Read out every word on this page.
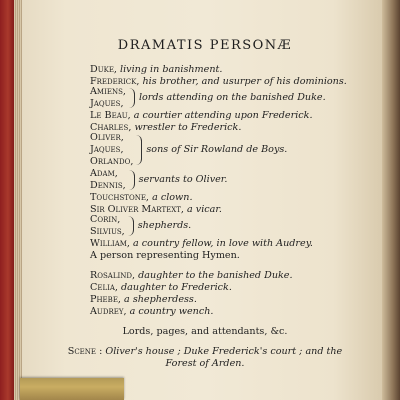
DRAMATIS PERSONÆ
Duke, living in banishment.
Frederick, his brother, and usurper of his dominions.
Amiens,
Jaques,
lords attending on the banished Duke.
Le Beau, a courtier attending upon Frederick.
Charles, wrestler to Frederick.
Oliver,
Jaques,
Orlando,
sons of Sir Rowland de Boys.
Adam,
Dennis,
servants to Oliver.
Touchstone, a clown.
Sir Oliver Martext, a vicar.
Corin,
Silvius,
shepherds.
William, a country fellow, in love with Audrey.
A person representing Hymen.
Rosalind, daughter to the banished Duke.
Celia, daughter to Frederick.
Phebe, a shepherdess.
Audrey, a country wench.
Lords, pages, and attendants, &c.
Scene : Oliver's house ; Duke Frederick's court ; and the
Forest of Arden.
